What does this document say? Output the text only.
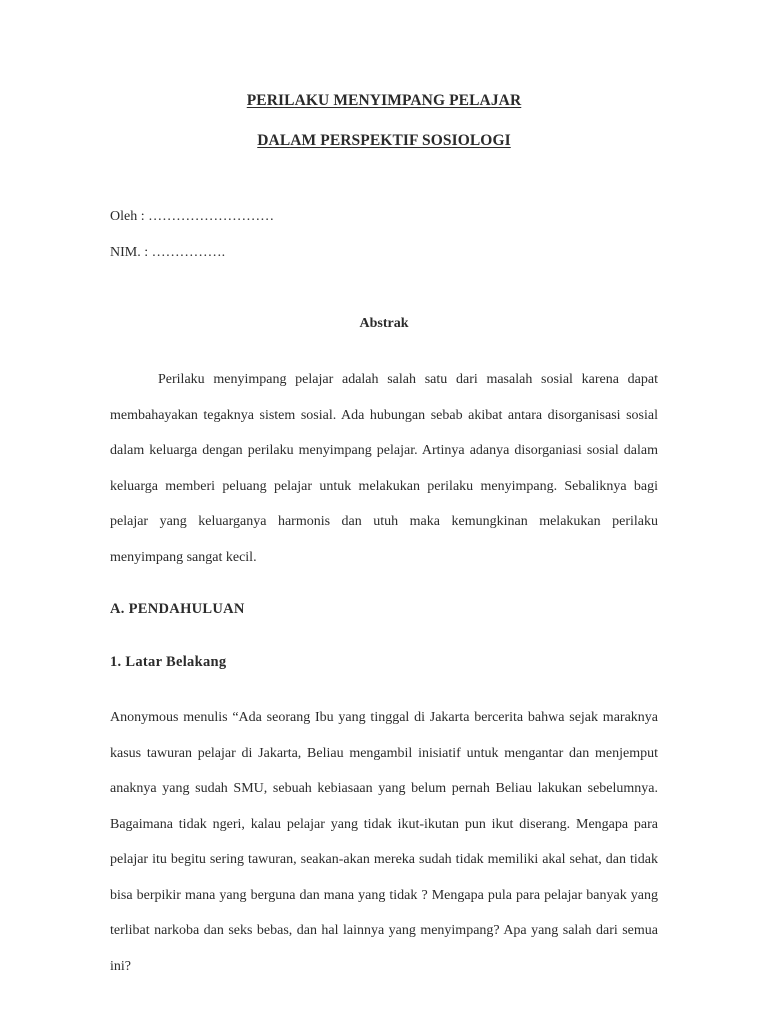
PERILAKU MENYIMPANG PELAJAR
DALAM PERSPEKTIF SOSIOLOGI
Oleh : ………………………
NIM. : …………….
Abstrak
Perilaku menyimpang pelajar adalah salah satu dari masalah sosial karena dapat membahayakan tegaknya sistem sosial. Ada hubungan sebab akibat antara disorganisasi sosial dalam keluarga dengan perilaku menyimpang pelajar. Artinya adanya disorganiasi sosial dalam keluarga memberi peluang pelajar untuk melakukan perilaku menyimpang. Sebaliknya bagi pelajar yang keluarganya harmonis dan utuh maka kemungkinan melakukan perilaku menyimpang sangat kecil.
A. PENDAHULUAN
1. Latar Belakang
Anonymous menulis “Ada seorang Ibu yang tinggal di Jakarta bercerita bahwa sejak maraknya kasus tawuran pelajar di Jakarta, Beliau mengambil inisiatif untuk mengantar dan menjemput anaknya yang sudah SMU, sebuah kebiasaan yang belum pernah Beliau lakukan sebelumnya. Bagaimana tidak ngeri, kalau pelajar yang tidak ikut-ikutan pun ikut diserang. Mengapa para pelajar itu begitu sering tawuran, seakan-akan mereka sudah tidak memiliki akal sehat, dan tidak bisa berpikir mana yang berguna dan mana yang tidak ? Mengapa pula para pelajar banyak yang terlibat narkoba dan seks bebas, dan hal lainnya yang menyimpang? Apa yang salah dari semua ini?
